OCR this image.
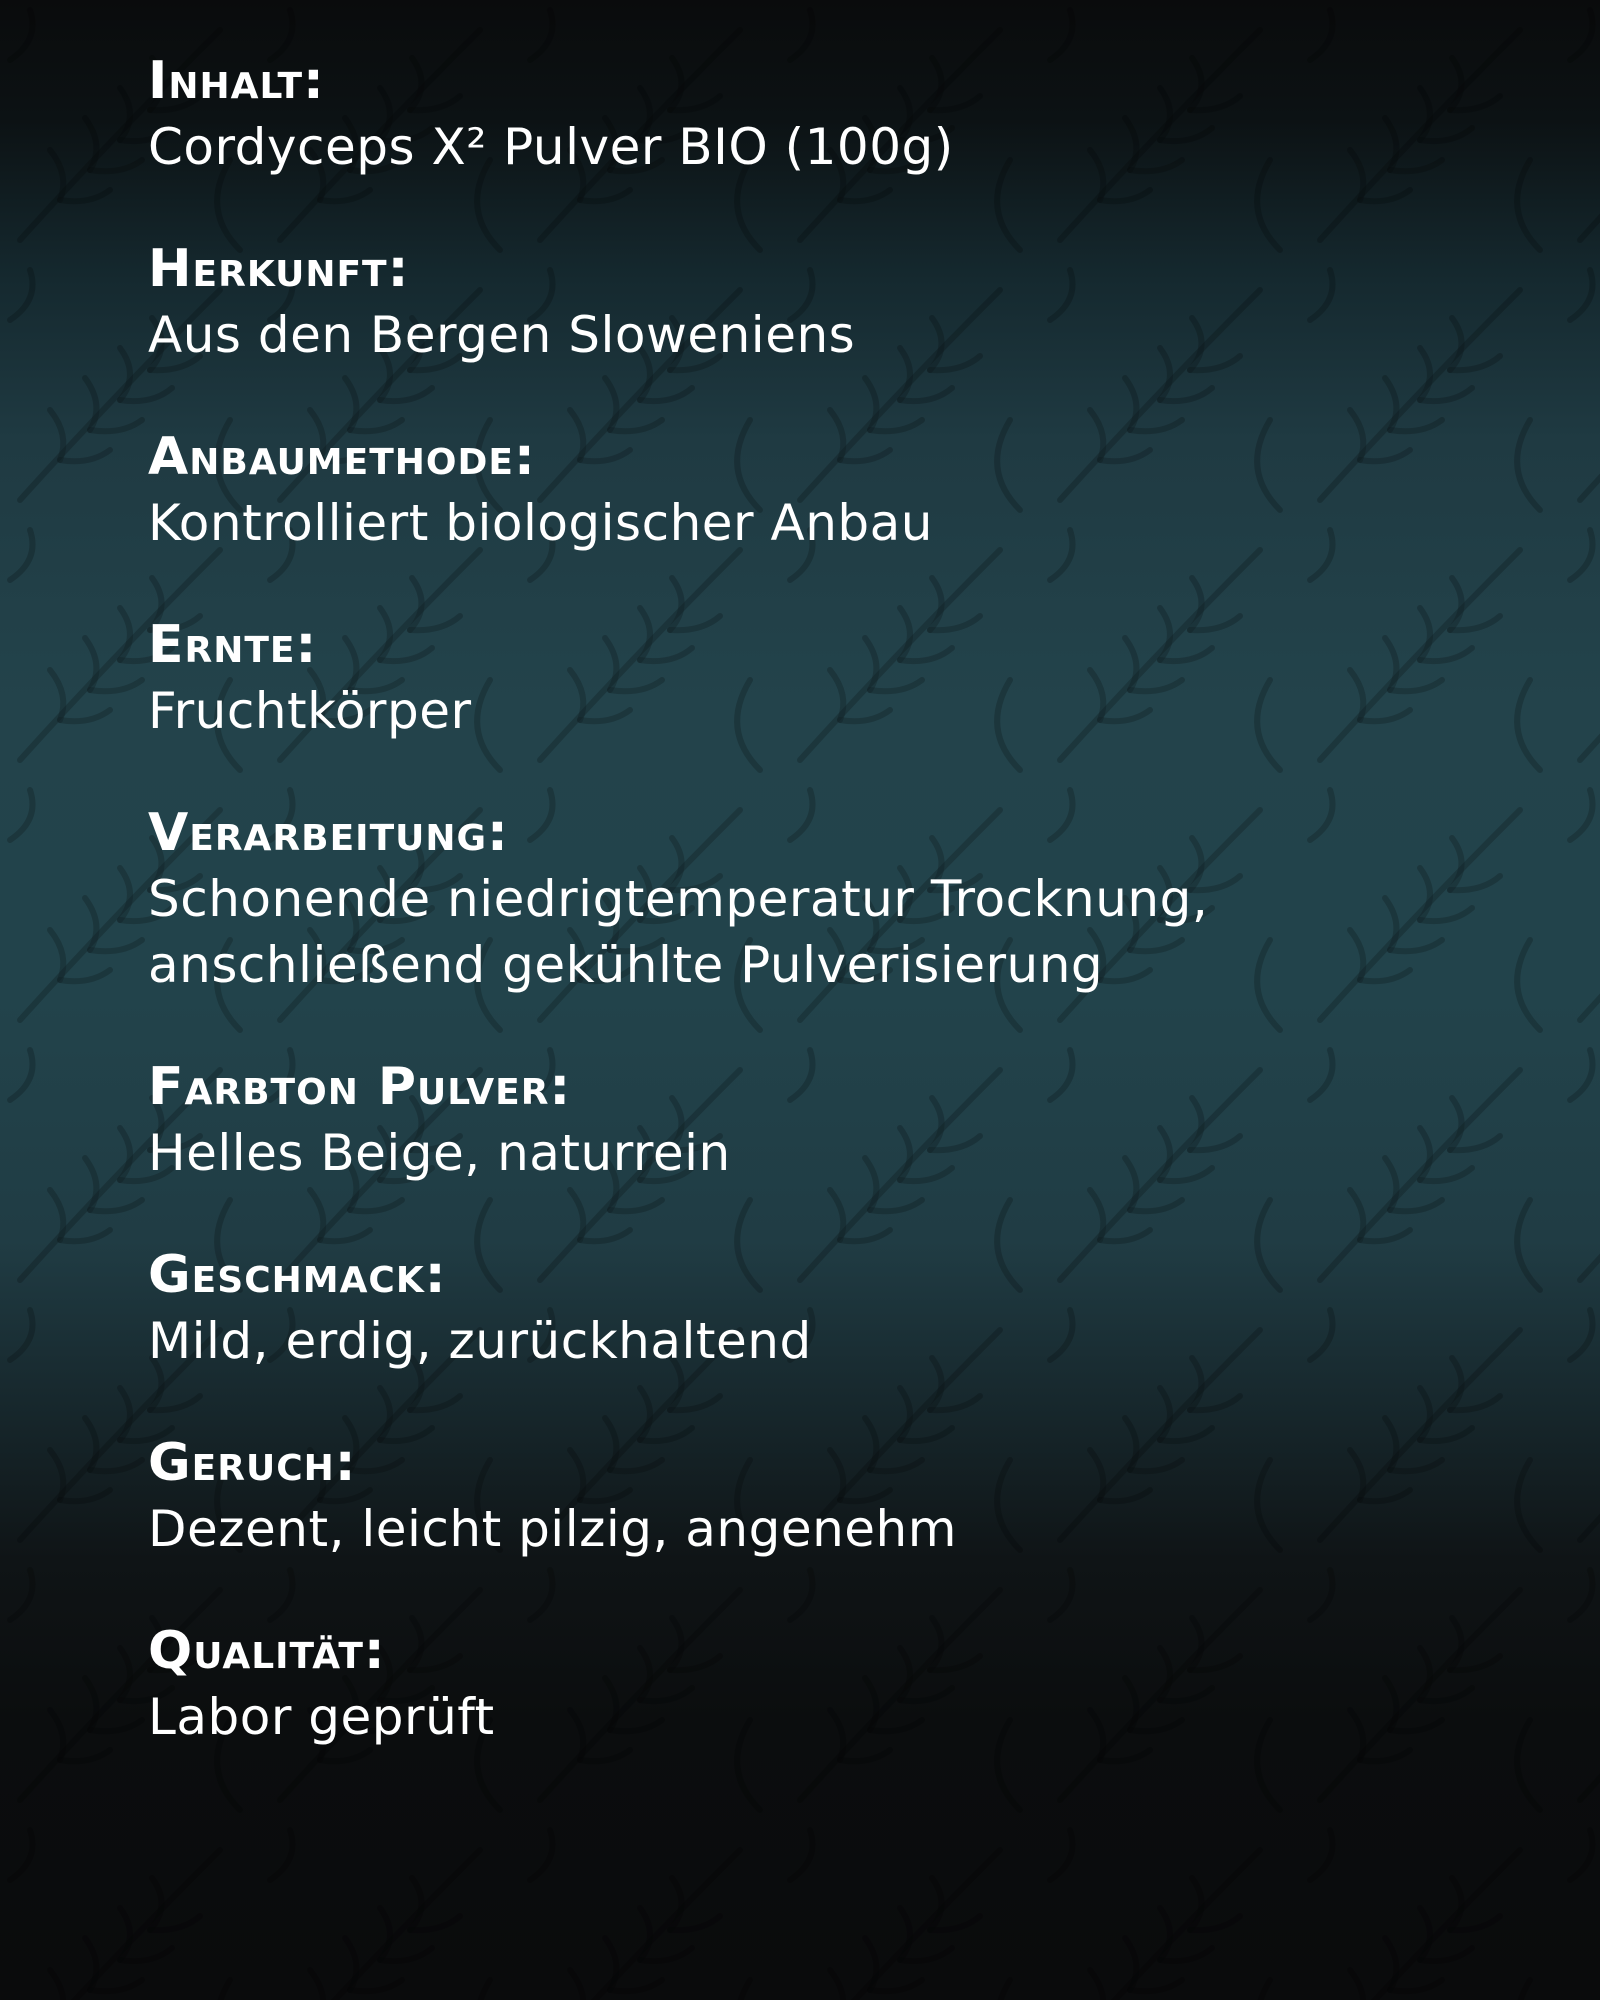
Inhalt:
Cordyceps X² Pulver BIO (100g)
Herkunft:
Aus den Bergen Sloweniens
Anbaumethode:
Kontrolliert biologischer Anbau
Ernte:
Fruchtkörper
Verarbeitung:
Schonende niedrigtemperatur Trocknung,
anschließend gekühlte Pulverisierung
Farbton Pulver:
Helles Beige, naturrein
Geschmack:
Mild, erdig, zurückhaltend
Geruch:
Dezent, leicht pilzig, angenehm
Qualität:
Labor geprüft
